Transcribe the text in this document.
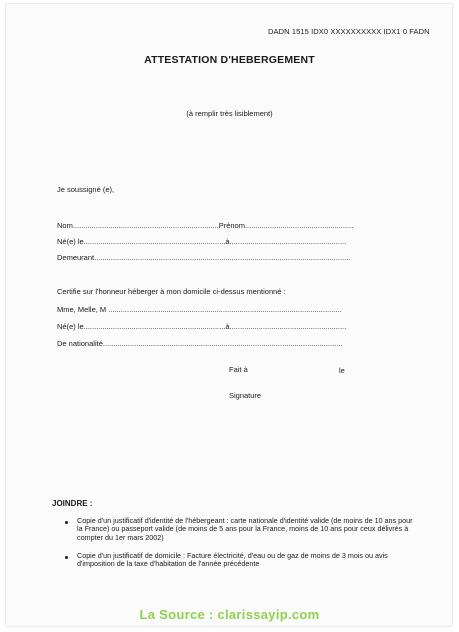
DADN 1515 IDX0 XXXXXXXXXX IDX1 0 FADN
ATTESTATION D'HEBERGEMENT
(à remplir très lisiblement)
Je soussigné (e),
Nom......................................................................Prénom....................................................
Né(e) le....................................................................à........................................................
Demeurant...........................................................................................................................
Certifie sur l'honneur héberger à mon domicile ci-dessus mentionné :
Mme, Melle, M ................................................................................................................
Né(e) le....................................................................à........................................................
De nationalité...................................................................................................................
Fait à	le
Signature
JOINDRE :
Copie d'un justificatif d'identité de l'hébergeant : carte nationale d'identité valide (de moins de 10 ans pour
la France) ou passeport valide (de moins de 5 ans pour la France, moins de 10 ans pour ceux délivrés à
compter du 1er mars 2002)
Copie d'un justificatif de domicile : Facture électricité, d'eau ou de gaz de moins de 3 mois ou avis
d'imposition de la taxe d'habitation de l'année précédente
La Source : clarissayip.com
